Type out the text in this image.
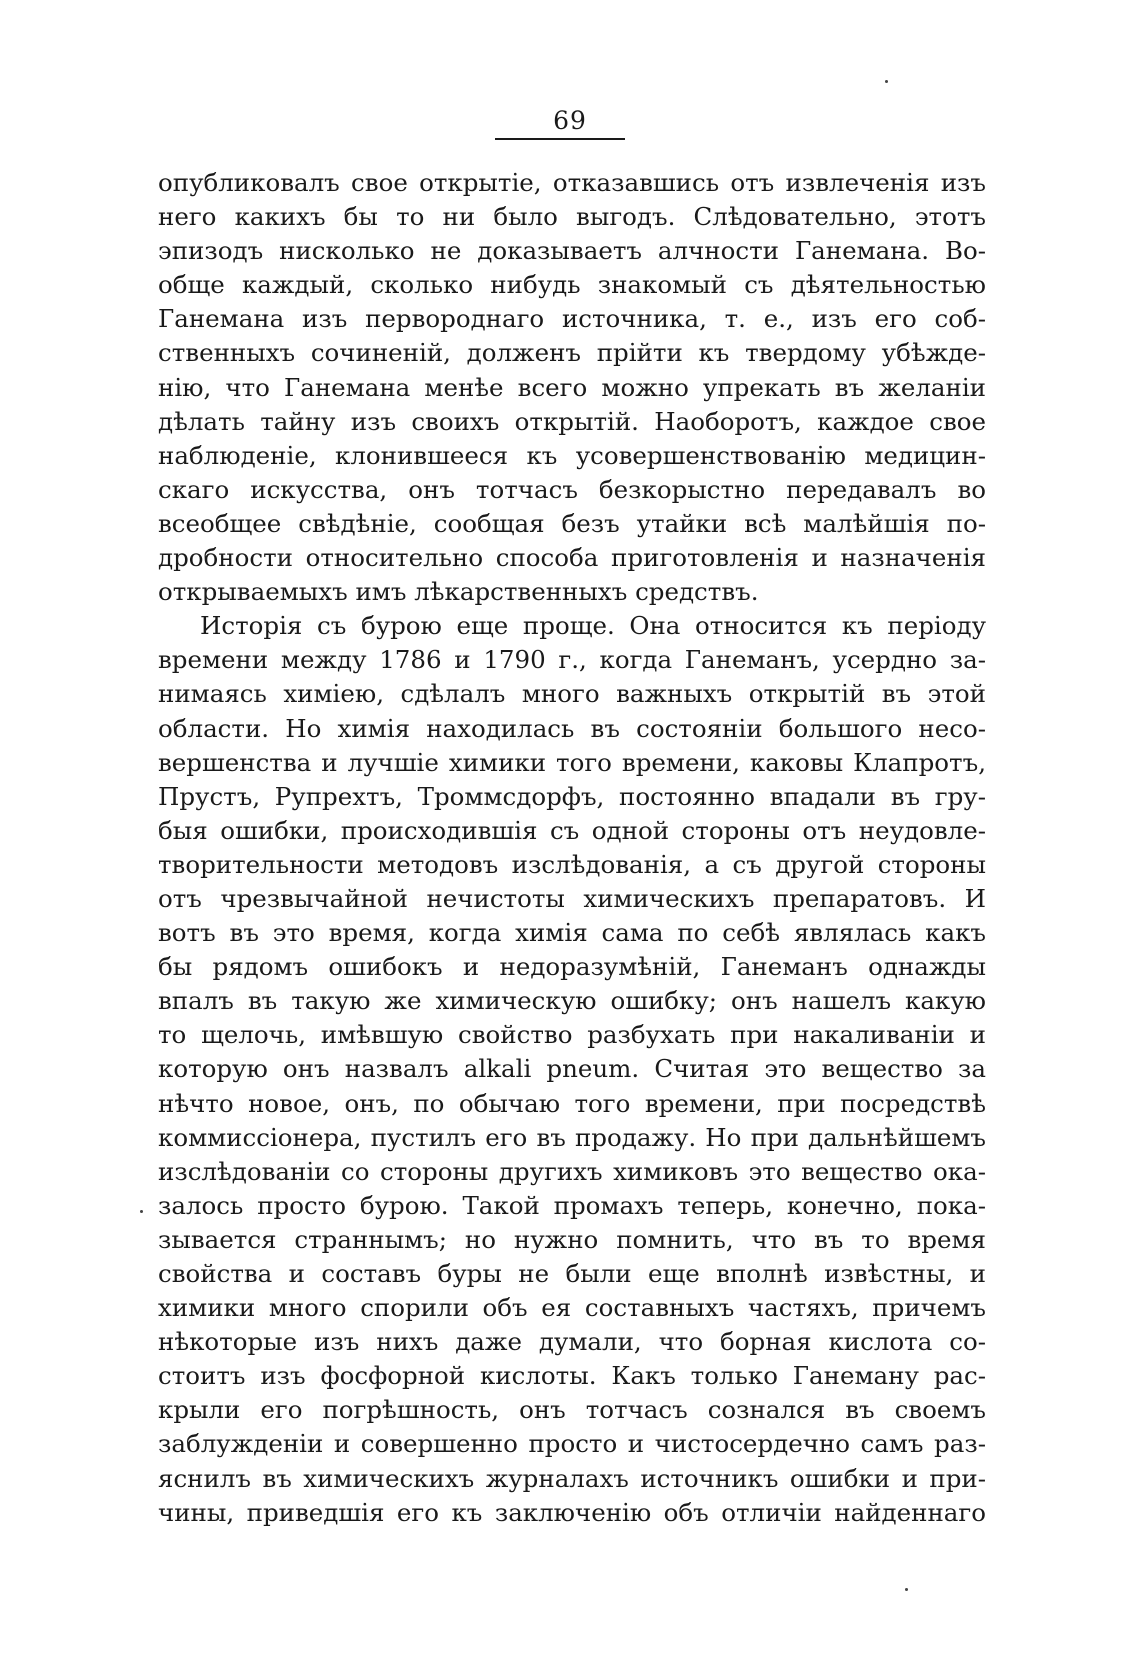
69
опубликовалъ свое открытiе, отказавшись отъ извлеченiя изъ
него какихъ бы то ни было выгодъ. Слѣдовательно, этотъ
эпизодъ нисколько не доказываетъ алчности Ганемана. Во-
обще каждый, сколько нибудь знакомый съ дѣятельностью
Ганемана изъ первороднаго источника, т. е., изъ его соб-
ственныхъ сочиненiй, долженъ прiйти къ твердому убѣжде-
нiю, что Ганемана менѣе всего можно упрекать въ желанiи
дѣлать тайну изъ своихъ открытiй. Наоборотъ, каждое свое
наблюденiе, клонившееся къ усовершенствованiю медицин-
скаго искусства, онъ тотчасъ безкорыстно передавалъ во
всеобщее свѣдѣнiе, сообщая безъ утайки всѣ малѣйшiя по-
дробности относительно способа приготовленiя и назначенiя
открываемыхъ имъ лѣкарственныхъ средствъ.
Исторiя съ бурою еще проще. Она относится къ перiоду
времени между 1786 и 1790 г., когда Ганеманъ, усердно за-
нимаясь химiею, сдѣлалъ много важныхъ открытiй въ этой
области. Но химiя находилась въ состоянiи большого несо-
вершенства и лучшiе химики того времени, каковы Клапротъ,
Прустъ, Рупрехтъ, Троммсдорфъ, постоянно впадали въ гру-
быя ошибки, происходившiя съ одной стороны отъ неудовле-
творительности методовъ изслѣдованiя, а съ другой стороны
отъ чрезвычайной нечистоты химическихъ препаратовъ. И
вотъ въ это время, когда химiя сама по себѣ являлась какъ
бы рядомъ ошибокъ и недоразумѣнiй, Ганеманъ однажды
впалъ въ такую же химическую ошибку; онъ нашелъ какую
то щелочь, имѣвшую свойство разбухать при накаливанiи и
которую онъ назвалъ alkali pneum. Считая это вещество за
нѣчто новое, онъ, по обычаю того времени, при посредствѣ
коммиссiонера, пустилъ его въ продажу. Но при дальнѣйшемъ
изслѣдованiи со стороны другихъ химиковъ это вещество ока-
залось просто бурою. Такой промахъ теперь, конечно, пока-
зывается страннымъ; но нужно помнить, что въ то время
свойства и составъ буры не были еще вполнѣ извѣстны, и
химики много спорили объ ея составныхъ частяхъ, причемъ
нѣкоторые изъ нихъ даже думали, что борная кислота со-
стоитъ изъ фосфорной кислоты. Какъ только Ганеману рас-
крыли его погрѣшность, онъ тотчасъ сознался въ своемъ
заблужденiи и совершенно просто и чистосердечно самъ раз-
яснилъ въ химическихъ журналахъ источникъ ошибки и при-
чины, приведшiя его къ заключенiю объ отличiи найденнаго
